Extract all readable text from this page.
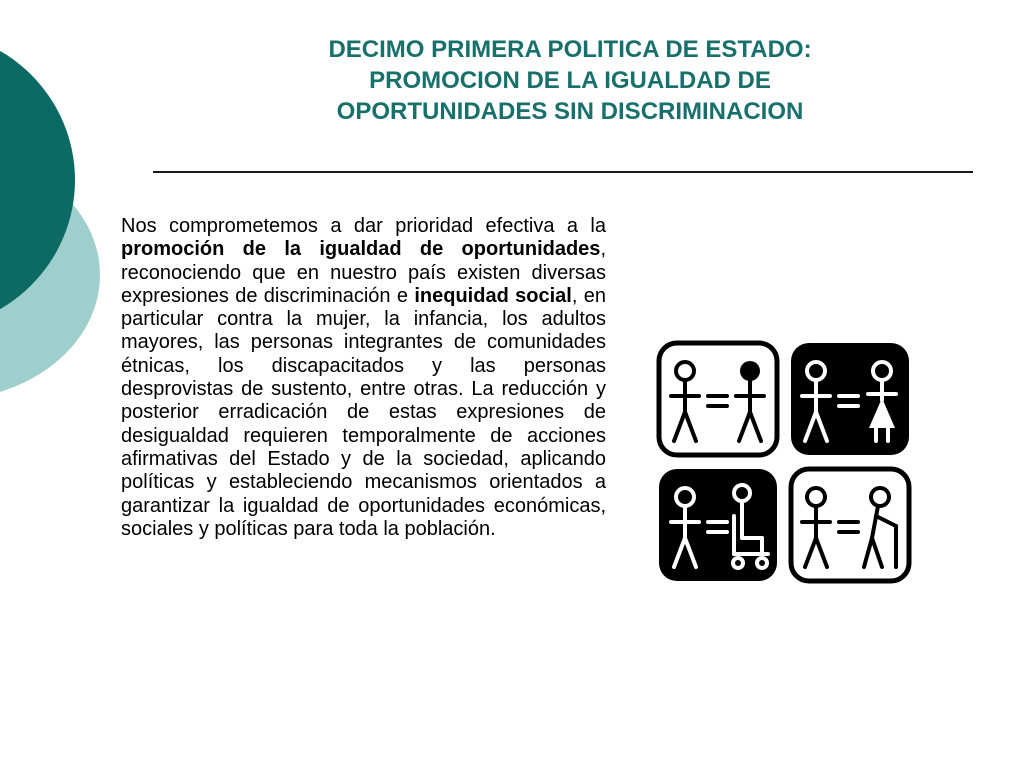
DECIMO PRIMERA POLITICA DE ESTADO:
PROMOCION DE LA IGUALDAD DE
OPORTUNIDADES SIN DISCRIMINACION

Nos comprometemos a dar prioridad efectiva a la promoción de la igualdad de oportunidades, reconociendo que en nuestro país existen diversas expresiones de discriminación e inequidad social, en particular contra la mujer, la infancia, los adultos mayores, las personas integrantes de comunidades étnicas, los discapacitados y las personas desprovistas de sustento, entre otras. La reducción y posterior erradicación de estas expresiones de desigualdad requieren temporalmente de acciones afirmativas del Estado y de la sociedad, aplicando políticas y estableciendo mecanismos orientados a garantizar la igualdad de oportunidades económicas, sociales y políticas para toda la población.
